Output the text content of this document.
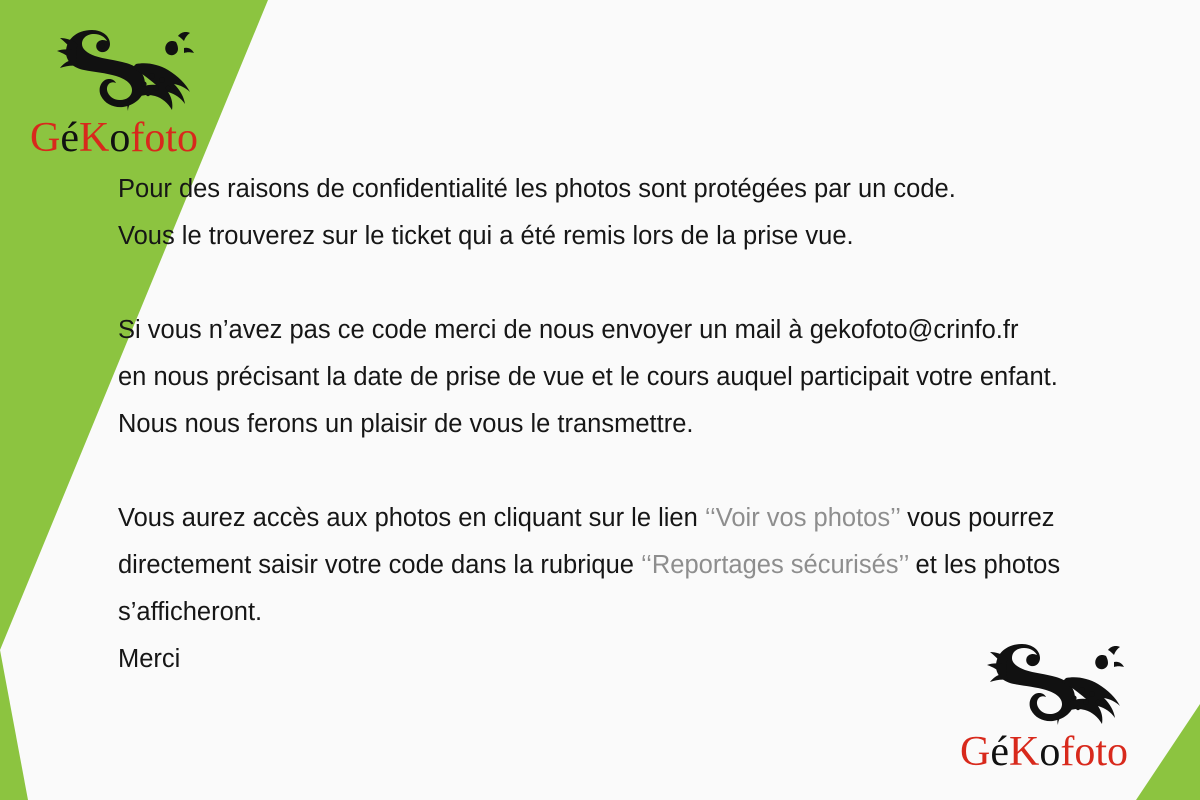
GéKofoto
GéKofoto

Pour des raisons de confidentialité les photos sont protégées par un code.

Vous le trouverez sur le ticket qui a été remis lors de la prise vue.

Si vous n’avez pas ce code merci de nous envoyer un mail à gekofoto@crinfo.fr

en nous précisant la date de prise de vue et le cours auquel participait votre enfant.

Nous nous ferons un plaisir de vous le transmettre.

Vous aurez accès aux photos en cliquant sur le lien ‘‘Voir vos photos’’ vous pourrez

directement saisir votre code dans la rubrique ‘‘Reportages sécurisés’’ et les photos

s’afficheront.

Merci
